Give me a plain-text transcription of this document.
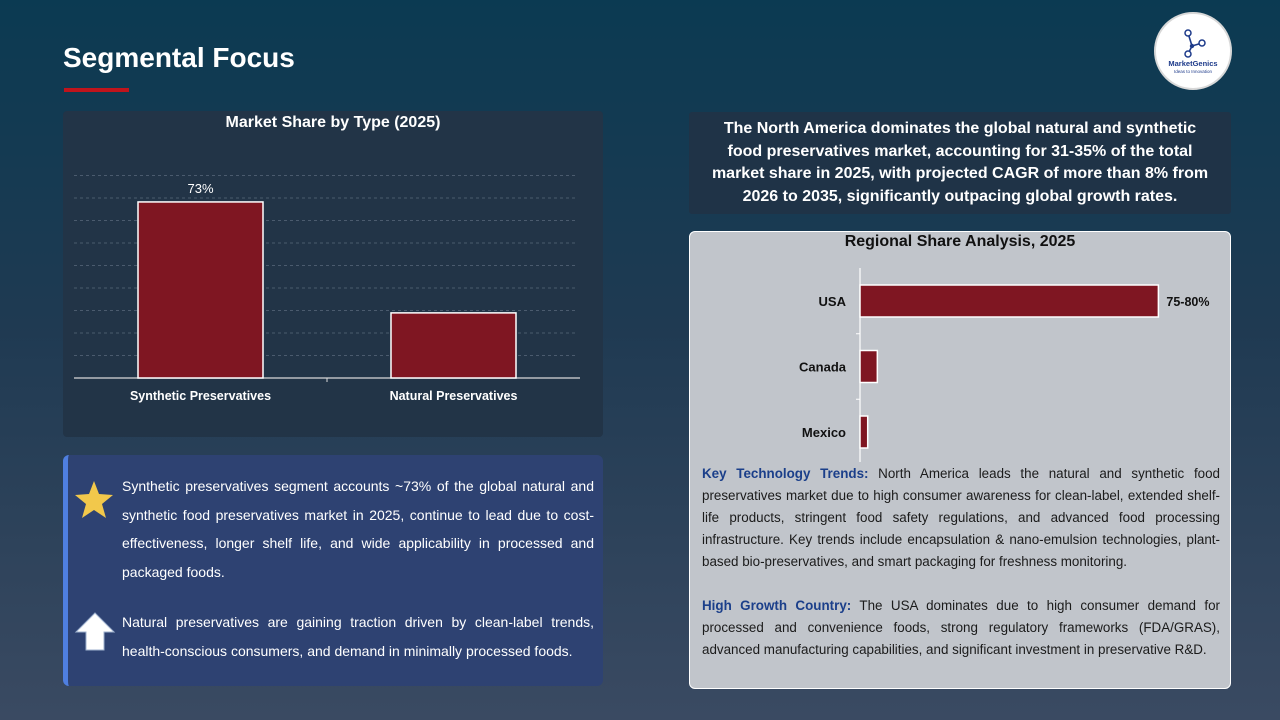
Segmental Focus	MarketGenics
Ideas to Innovation
Market Share by Type (2025)
Synthetic Preservatives
73%
Natural Preservatives
Synthetic preservatives segment accounts ~73% of the global natural and synthetic food preservatives market in 2025, continue to lead due to cost-effectiveness, longer shelf life, and wide applicability in processed and packaged foods.
Natural preservatives are gaining traction driven by clean-label trends, health-conscious consumers, and demand in minimally processed foods.
The North America dominates the global natural and synthetic food preservatives market, accounting for 31-35% of the total market share in 2025, with projected CAGR of more than 8% from 2026 to 2035, significantly outpacing global growth rates.
Regional Share Analysis, 2025
USA	75-80%
Canada
Mexico
Key Technology Trends: North America leads the natural and synthetic food preservatives market due to high consumer awareness for clean-label, extended shelf-life products, stringent food safety regulations, and advanced food processing infrastructure. Key trends include encapsulation & nano-emulsion technologies, plant-based bio-preservatives, and smart packaging for freshness monitoring.
High Growth Country: The USA dominates due to high consumer demand for processed and convenience foods, strong regulatory frameworks (FDA/GRAS), advanced manufacturing capabilities, and significant investment in preservative R&D.
